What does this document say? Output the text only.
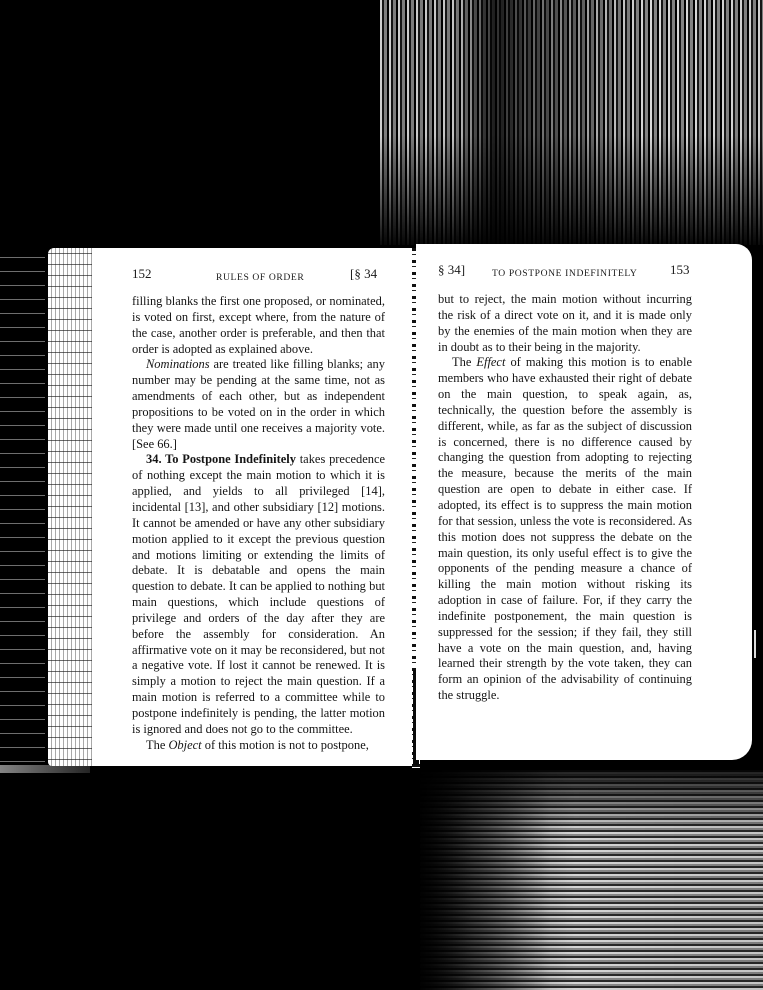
152	RULES OF ORDER	[§ 34

filling blanks the first one proposed, or nominated, is voted on first, except where, from the nature of the case, another order is preferable, and then that order is adopted as explained above.

Nominations are treated like filling blanks; any number may be pending at the same time, not as amendments of each other, but as independent propositions to be voted on in the order in which they were made until one receives a majority vote. [See 66.]

34. To Postpone Indefinitely takes precedence of nothing except the main motion to which it is applied, and yields to all privileged [14], incidental [13], and other subsidiary [12] motions. It cannot be amended or have any other subsidiary motion applied to it except the previous question and motions limiting or extending the limits of debate. It is debatable and opens the main question to debate. It can be applied to nothing but main questions, which include questions of privilege and orders of the day after they are before the assembly for consideration. An affirmative vote on it may be reconsidered, but not a negative vote. If lost it cannot be renewed. It is simply a motion to reject the main question. If a main motion is referred to a committee while to postpone indefinitely is pending, the latter motion is ignored and does not go to the committee.

The Object of this motion is not to postpone,

§ 34]	TO POSTPONE INDEFINITELY	153

but to reject, the main motion without incurring the risk of a direct vote on it, and it is made only by the enemies of the main motion when they are in doubt as to their being in the majority.

The Effect of making this motion is to enable members who have exhausted their right of debate on the main question, to speak again, as, technically, the question before the assembly is different, while, as far as the subject of discussion is concerned, there is no difference caused by changing the question from adopting to rejecting the measure, because the merits of the main question are open to debate in either case. If adopted, its effect is to suppress the main motion for that session, unless the vote is reconsidered. As this motion does not suppress the debate on the main question, its only useful effect is to give the opponents of the pending measure a chance of killing the main motion without risking its adoption in case of failure. For, if they carry the indefinite postponement, the main question is suppressed for the session; if they fail, they still have a vote on the main question, and, having learned their strength by the vote taken, they can form an opinion of the advisability of continuing the struggle.
